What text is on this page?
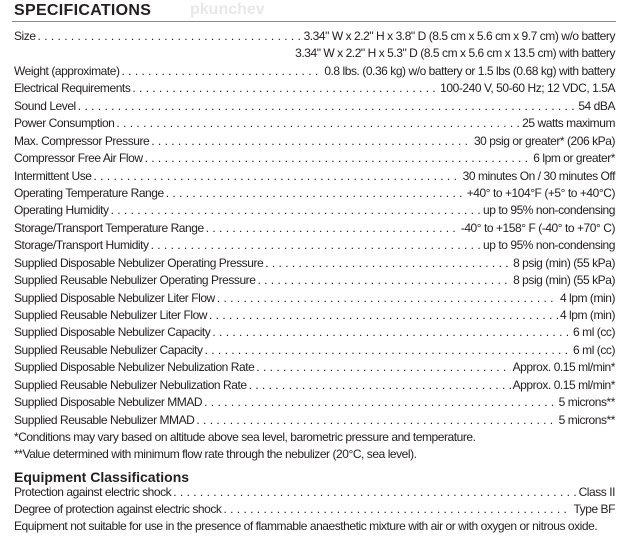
SPECIFICATIONS pkunchev
Size . . .	3.34" W x 2.2" H x 3.8" D (8.5 cm x 5.6 cm x 9.7 cm) w/o battery
3.34" W x 2.2" H x 5.3" D (8.5 cm x 5.6 cm x 13.5 cm) with battery
Weight (approximate) . . .	0.8 lbs. (0.36 kg) w/o battery or 1.5 lbs (0.68 kg) with battery
Electrical Requirements . . .	100-240 V, 50-60 Hz; 12 VDC, 1.5A
Sound Level . . .	54 dBA
Power Consumption . . .	25 watts maximum
Max. Compressor Pressure . . .	30 psig or greater* (206 kPa)
Compressor Free Air Flow . . .	6 lpm or greater*
Intermittent Use . . .	30 minutes On / 30 minutes Off
Operating Temperature Range . . .	+40° to +104°F (+5° to +40°C)
Operating Humidity . . .	up to 95% non-condensing
Storage/Transport Temperature Range . . .	-40° to +158° F (-40° to +70° C)
Storage/Transport Humidity . . .	up to 95% non-condensing
Supplied Disposable Nebulizer Operating Pressure . . .	8 psig (min) (55 kPa)
Supplied Reusable Nebulizer Operating Pressure . . .	8 psig (min) (55 kPa)
Supplied Disposable Nebulizer Liter Flow . . .	4 lpm (min)
Supplied Reusable Nebulizer Liter Flow . . .	4 lpm (min)
Supplied Disposable Nebulizer Capacity . . .	6 ml (cc)
Supplied Reusable Nebulizer Capacity . . .	6 ml (cc)
Supplied Disposable Nebulizer Nebulization Rate . . .	Approx. 0.15 ml/min*
Supplied Reusable Nebulizer Nebulization Rate . . .	Approx. 0.15 ml/min*
Supplied Disposable Nebulizer MMAD . . .	5 microns**
Supplied Reusable Nebulizer MMAD . . .	5 microns**
*Conditions may vary based on altitude above sea level, barometric pressure and temperature.
**Value determined with minimum flow rate through the nebulizer (20°C, sea level).
Equipment Classifications
Protection against electric shock . . .	Class II
Degree of protection against electric shock . . .	Type BF
Equipment not suitable for use in the presence of flammable anaesthetic mixture with air or with oxygen or nitrous oxide.
